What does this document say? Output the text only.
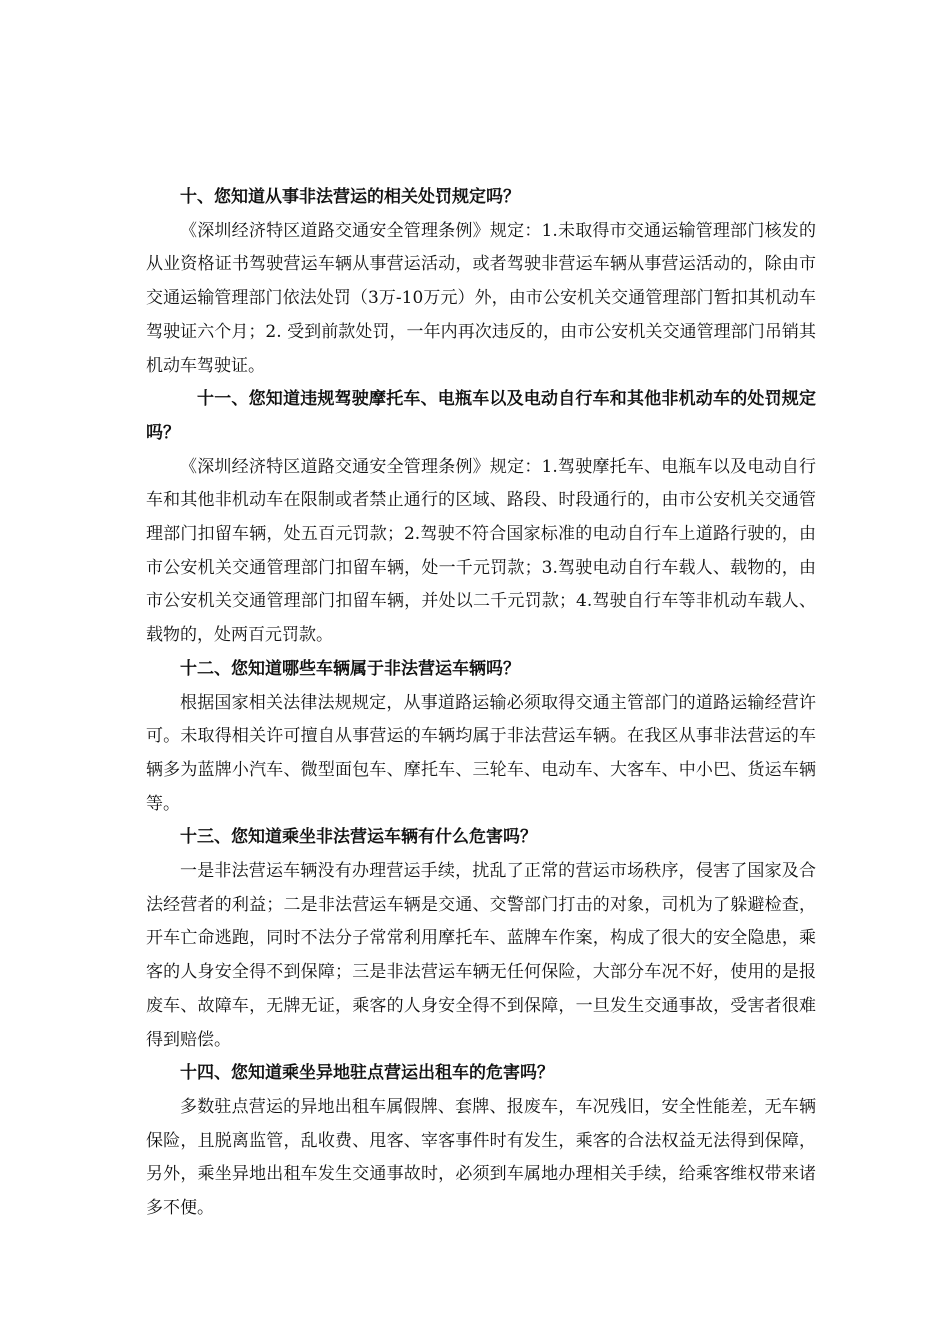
十、您知道从事非法营运的相关处罚规定吗？

《深圳经济特区道路交通安全管理条例》规定：1.未取得市交通运输管理部门核发的从业资格证书驾驶营运车辆从事营运活动，或者驾驶非营运车辆从事营运活动的，除由市交通运输管理部门依法处罚（3万-10万元）外，由市公安机关交通管理部门暂扣其机动车驾驶证六个月；2. 受到前款处罚，一年内再次违反的，由市公安机关交通管理部门吊销其机动车驾驶证。

十一、您知道违规驾驶摩托车、电瓶车以及电动自行车和其他非机动车的处罚规定吗？

《深圳经济特区道路交通安全管理条例》规定：1.驾驶摩托车、电瓶车以及电动自行车和其他非机动车在限制或者禁止通行的区域、路段、时段通行的，由市公安机关交通管理部门扣留车辆，处五百元罚款；2.驾驶不符合国家标准的电动自行车上道路行驶的，由市公安机关交通管理部门扣留车辆，处一千元罚款；3.驾驶电动自行车载人、载物的，由市公安机关交通管理部门扣留车辆，并处以二千元罚款；4.驾驶自行车等非机动车载人、载物的，处两百元罚款。

十二、您知道哪些车辆属于非法营运车辆吗？

根据国家相关法律法规规定，从事道路运输必须取得交通主管部门的道路运输经营许可。未取得相关许可擅自从事营运的车辆均属于非法营运车辆。在我区从事非法营运的车辆多为蓝牌小汽车、微型面包车、摩托车、三轮车、电动车、大客车、中小巴、货运车辆等。

十三、您知道乘坐非法营运车辆有什么危害吗？

一是非法营运车辆没有办理营运手续，扰乱了正常的营运市场秩序，侵害了国家及合法经营者的利益；二是非法营运车辆是交通、交警部门打击的对象，司机为了躲避检查，开车亡命逃跑，同时不法分子常常利用摩托车、蓝牌车作案，构成了很大的安全隐患，乘客的人身安全得不到保障；三是非法营运车辆无任何保险，大部分车况不好，使用的是报废车、故障车，无牌无证，乘客的人身安全得不到保障，一旦发生交通事故，受害者很难得到赔偿。

十四、您知道乘坐异地驻点营运出租车的危害吗？

多数驻点营运的异地出租车属假牌、套牌、报废车，车况残旧，安全性能差，无车辆保险，且脱离监管，乱收费、甩客、宰客事件时有发生，乘客的合法权益无法得到保障，另外，乘坐异地出租车发生交通事故时，必须到车属地办理相关手续，给乘客维权带来诸多不便。
